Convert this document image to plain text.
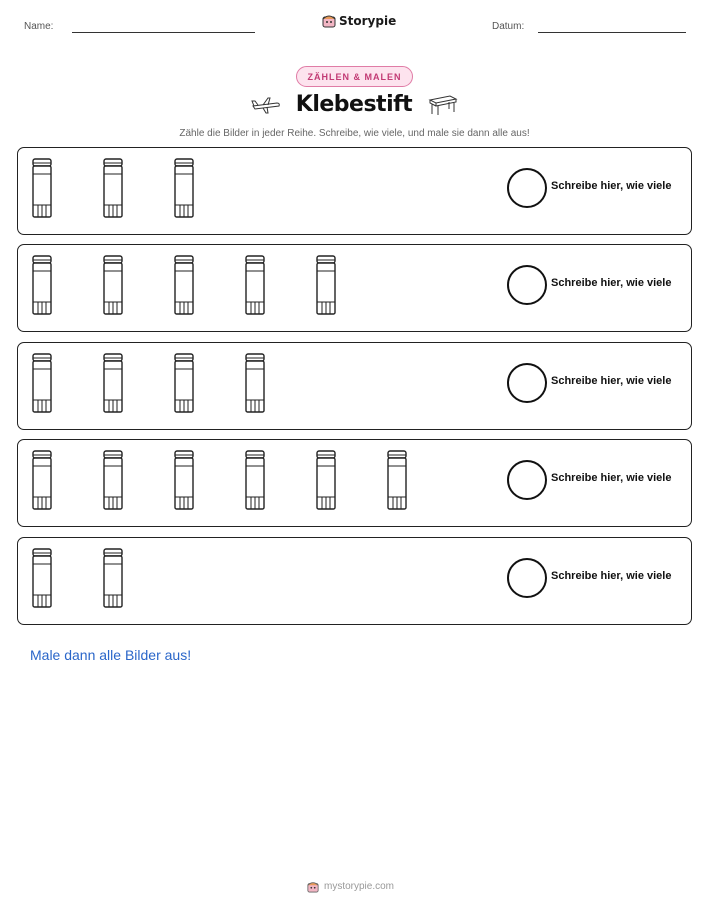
Name:	Storypie	Datum:
ZÄHLEN & MALEN
Klebestift
Zähle die Bilder in jeder Reihe. Schreibe, wie viele, und male sie dann alle aus!
Schreibe hier, wie viele
Schreibe hier, wie viele
Schreibe hier, wie viele
Schreibe hier, wie viele
Schreibe hier, wie viele
Male dann alle Bilder aus!
mystorypie.com
